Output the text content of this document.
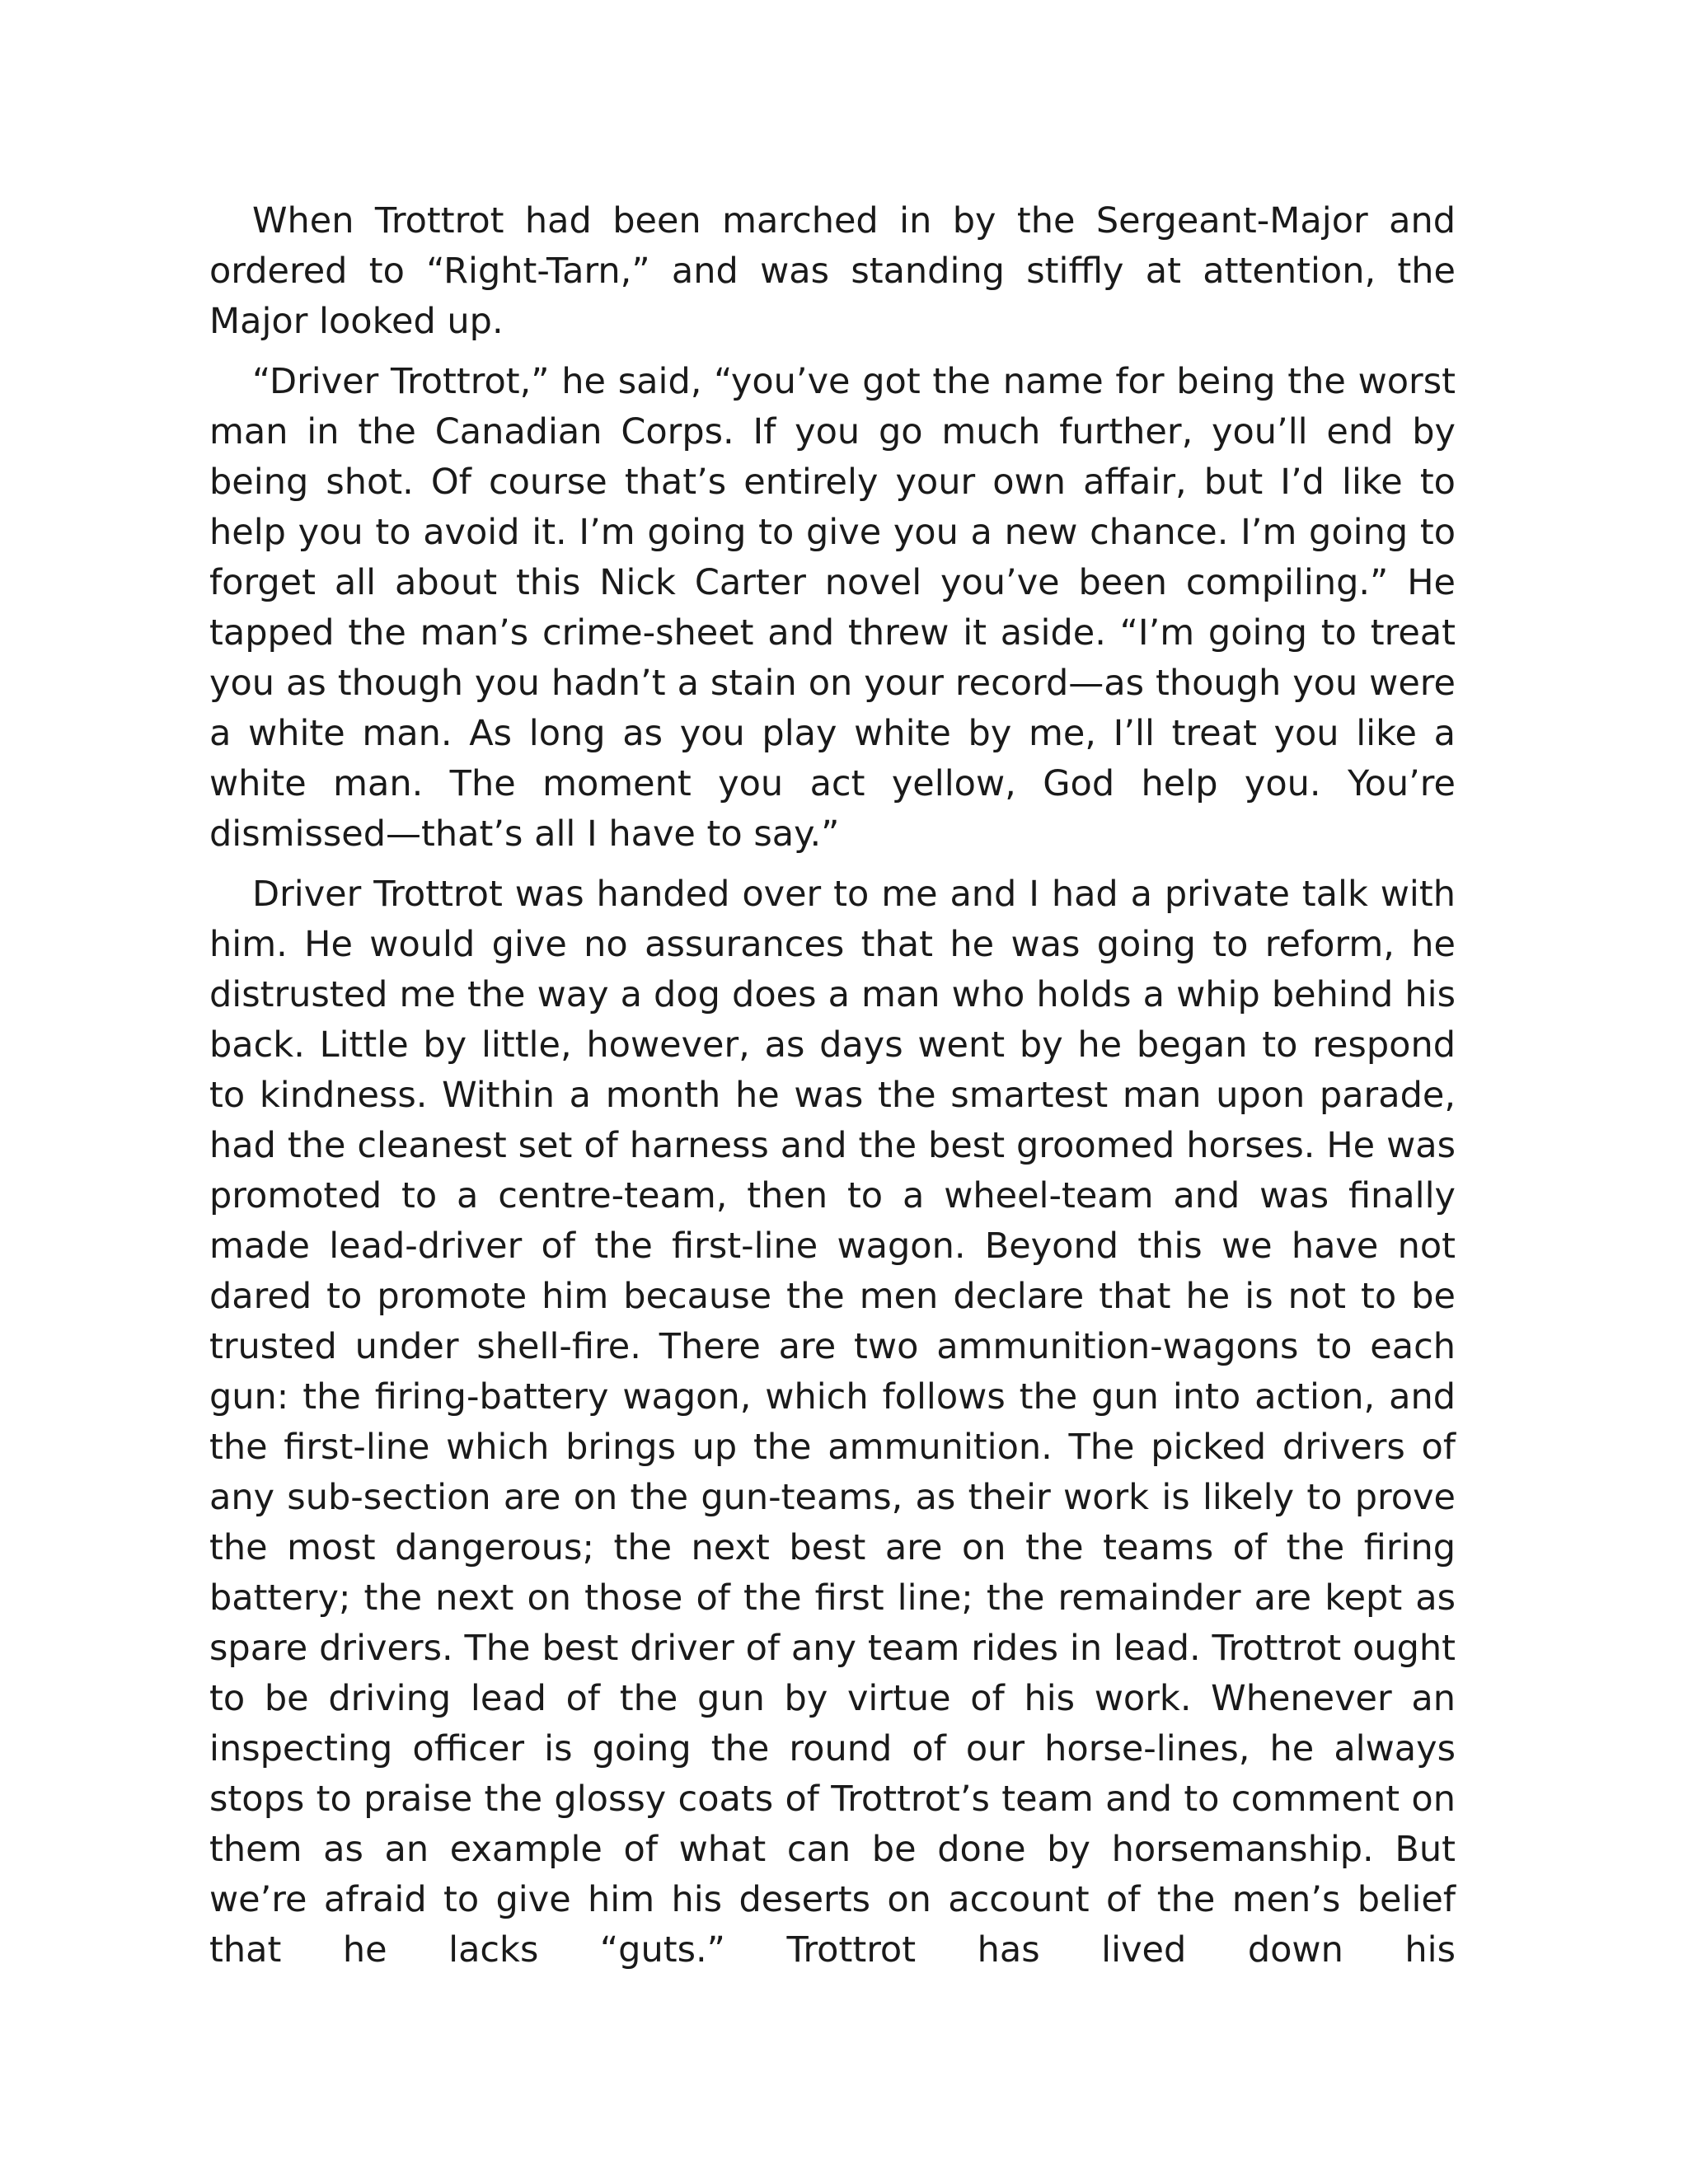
When Trottrot had been marched in by the Sergeant-Major and ordered to “Right-Tarn,” and was standing stiffly at attention, the Major looked up.

“Driver Trottrot,” he said, “you’ve got the name for being the worst man in the Canadian Corps. If you go much further, you’ll end by being shot. Of course that’s entirely your own affair, but I’d like to help you to avoid it. I’m going to give you a new chance. I’m going to forget all about this Nick Carter novel you’ve been compiling.” He tapped the man’s crime-sheet and threw it aside. “I’m going to treat you as though you hadn’t a stain on your record—as though you were a white man. As long as you play white by me, I’ll treat you like a white man. The moment you act yellow, God help you. You’re dismissed—that’s all I have to say.”

Driver Trottrot was handed over to me and I had a private talk with him. He would give no assurances that he was going to reform, he distrusted me the way a dog does a man who holds a whip behind his back. Little by little, however, as days went by he began to respond to kindness. Within a month he was the smartest man upon parade, had the cleanest set of harness and the best groomed horses. He was promoted to a centre-team, then to a wheel-team and was finally made lead-driver of the first-line wagon. Beyond this we have not dared to promote him because the men declare that he is not to be trusted under shell-fire. There are two ammunition-wagons to each gun: the firing-battery wagon, which follows the gun into action, and the first-line which brings up the ammunition. The picked drivers of any sub-section are on the gun-teams, as their work is likely to prove the most dangerous; the next best are on the teams of the firing battery; the next on those of the first line; the remainder are kept as spare drivers. The best driver of any team rides in lead. Trottrot ought to be driving lead of the gun by virtue of his work. Whenever an inspecting officer is going the round of our horse-lines, he always stops to praise the glossy coats of Trottrot’s team and to comment on them as an example of what can be done by horsemanship. But we’re afraid to give him his deserts on account of the men’s belief that he lacks “guts.” Trottrot has lived down his
